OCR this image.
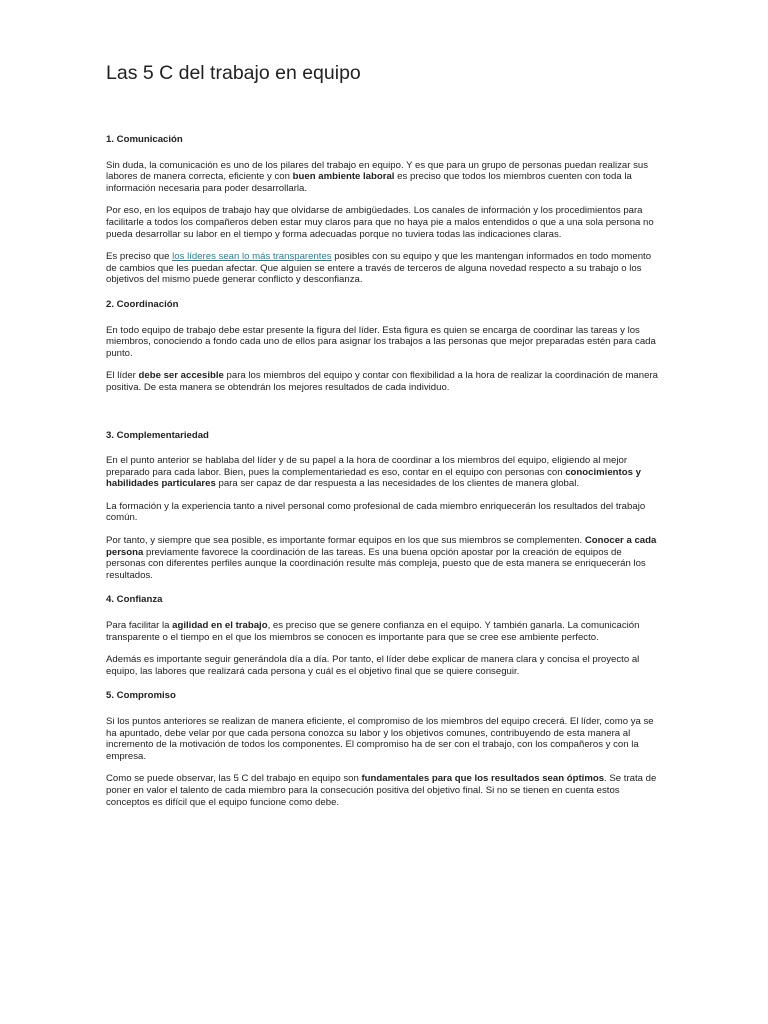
Las 5 C del trabajo en equipo
1. Comunicación

Sin duda, la comunicación es uno de los pilares del trabajo en equipo. Y es que para un grupo de personas puedan realizar sus labores de manera correcta, eficiente y con buen ambiente laboral es preciso que todos los miembros cuenten con toda la información necesaria para poder desarrollarla.

Por eso, en los equipos de trabajo hay que olvidarse de ambigüedades. Los canales de información y los procedimientos para facilitarle a todos los compañeros deben estar muy claros para que no haya pie a malos entendidos o que a una sola persona no pueda desarrollar su labor en el tiempo y forma adecuadas porque no tuviera todas las indicaciones claras.

Es preciso que los líderes sean lo más transparentes posibles con su equipo y que les mantengan informados en todo momento de cambios que les puedan afectar. Que alguien se entere a través de terceros de alguna novedad respecto a su trabajo o los objetivos del mismo puede generar conflicto y desconfianza.

2. Coordinación

En todo equipo de trabajo debe estar presente la figura del líder. Esta figura es quien se encarga de coordinar las tareas y los miembros, conociendo a fondo cada uno de ellos para asignar los trabajos a las personas que mejor preparadas estén para cada punto.

El líder debe ser accesible para los miembros del equipo y contar con flexibilidad a la hora de realizar la coordinación de manera positiva. De esta manera se obtendrán los mejores resultados de cada individuo.

3. Complementariedad

En el punto anterior se hablaba del líder y de su papel a la hora de coordinar a los miembros del equipo, eligiendo al mejor preparado para cada labor. Bien, pues la complementariedad es eso, contar en el equipo con personas con conocimientos y habilidades particulares para ser capaz de dar respuesta a las necesidades de los clientes de manera global.

La formación y la experiencia tanto a nivel personal como profesional de cada miembro enriquecerán los resultados del trabajo común.

Por tanto, y siempre que sea posible, es importante formar equipos en los que sus miembros se complementen. Conocer a cada persona previamente favorece la coordinación de las tareas. Es una buena opción apostar por la creación de equipos de personas con diferentes perfiles aunque la coordinación resulte más compleja, puesto que de esta manera se enriquecerán los resultados.

4. Confianza

Para facilitar la agilidad en el trabajo, es preciso que se genere confianza en el equipo. Y también ganarla. La comunicación transparente o el tiempo en el que los miembros se conocen es importante para que se cree ese ambiente perfecto.

Además es importante seguir generándola día a día. Por tanto, el líder debe explicar de manera clara y concisa el proyecto al equipo, las labores que realizará cada persona y cuál es el objetivo final que se quiere conseguir.

5. Compromiso

Si los puntos anteriores se realizan de manera eficiente, el compromiso de los miembros del equipo crecerá. El líder, como ya se ha apuntado, debe velar por que cada persona conozca su labor y los objetivos comunes, contribuyendo de esta manera al incremento de la motivación de todos los componentes. El compromiso ha de ser con el trabajo, con los compañeros y con la empresa.

Como se puede observar, las 5 C del trabajo en equipo son fundamentales para que los resultados sean óptimos. Se trata de poner en valor el talento de cada miembro para la consecución positiva del objetivo final. Si no se tienen en cuenta estos conceptos es difícil que el equipo funcione como debe.
